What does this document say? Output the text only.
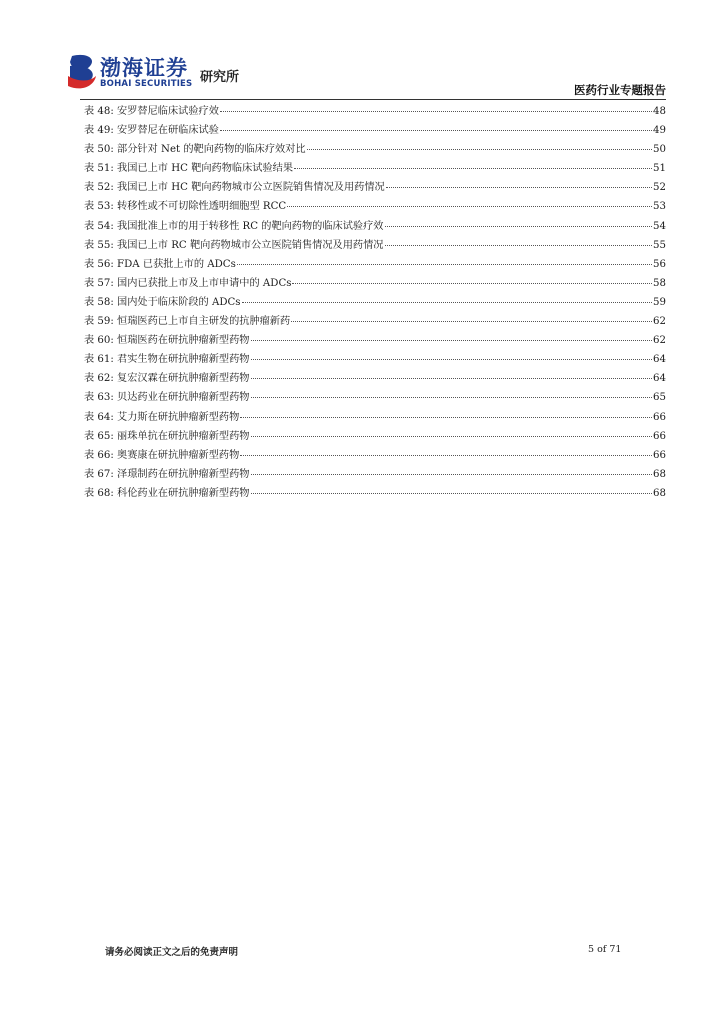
渤海证券
BOHAI SECURITIES 研究所
医药行业专题报告
表 48: 安罗替尼临床试验疗效	48
表 49: 安罗替尼在研临床试验	49
表 50: 部分针对 Net 的靶向药物的临床疗效对比	50
表 51: 我国已上市 HC 靶向药物临床试验结果	51
表 52: 我国已上市 HC 靶向药物城市公立医院销售情况及用药情况	52
表 53: 转移性或不可切除性透明细胞型 RCC	53
表 54: 我国批准上市的用于转移性 RC 的靶向药物的临床试验疗效	54
表 55: 我国已上市 RC 靶向药物城市公立医院销售情况及用药情况	55
表 56: FDA 已获批上市的 ADCs	56
表 57: 国内已获批上市及上市申请中的 ADCs	58
表 58: 国内处于临床阶段的 ADCs	59
表 59: 恒瑞医药已上市自主研发的抗肿瘤新药	62
表 60: 恒瑞医药在研抗肿瘤新型药物	62
表 61: 君实生物在研抗肿瘤新型药物	64
表 62: 复宏汉霖在研抗肿瘤新型药物	64
表 63: 贝达药业在研抗肿瘤新型药物	65
表 64: 艾力斯在研抗肿瘤新型药物	66
表 65: 丽珠单抗在研抗肿瘤新型药物	66
表 66: 奥赛康在研抗肿瘤新型药物	66
表 67: 泽璟制药在研抗肿瘤新型药物	68
表 68: 科伦药业在研抗肿瘤新型药物	68
请务必阅读正文之后的免责声明	5 of 71
